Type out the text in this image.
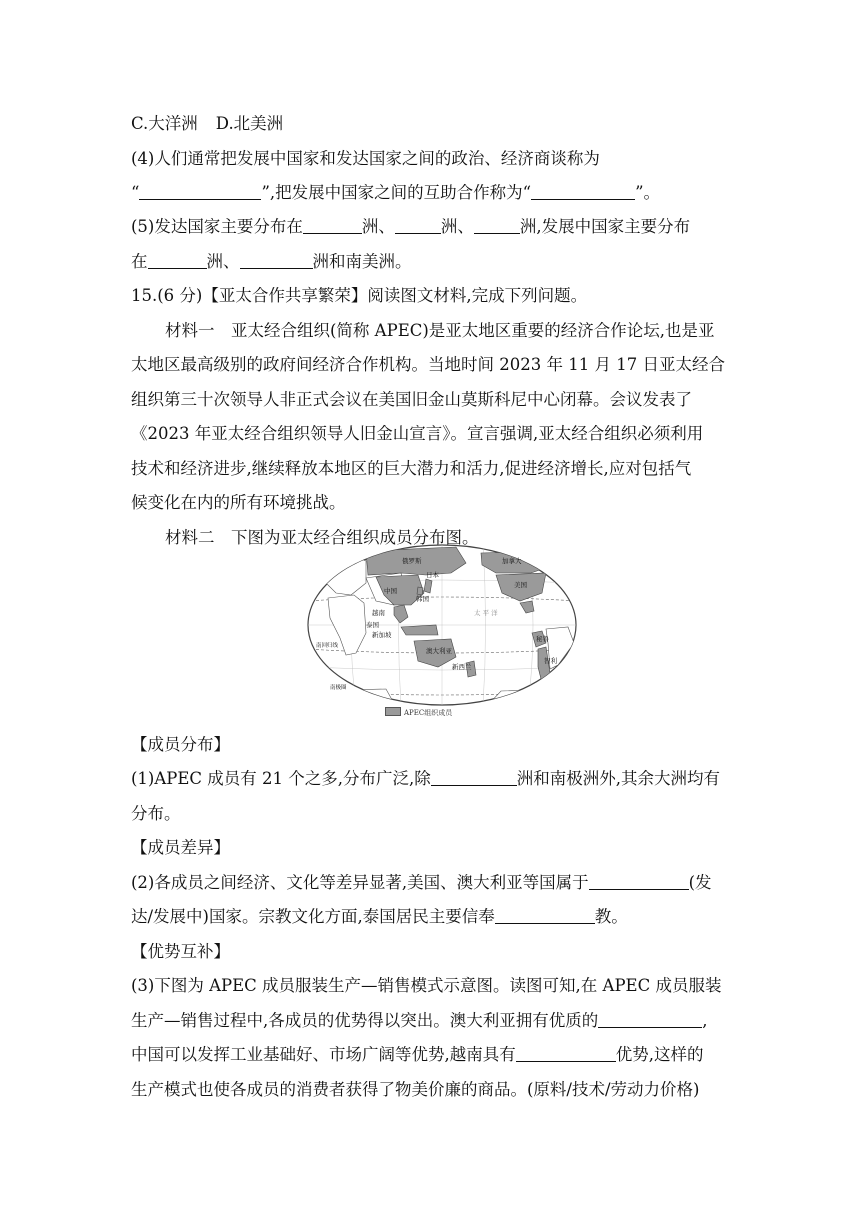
C.大洋洲 D.北美洲
(4)人们通常把发展中国家和发达国家之间的政治、经济商谈称为
“	”,把发展中国家之间的互助合作称为“	”。
(5)发达国家主要分布在	洲、	洲、	洲,发展中国家主要分布
在	洲、	洲和南美洲。
15.(6 分)【亚太合作共享繁荣】阅读图文材料,完成下列问题。
材料一　亚太经合组织(简称 APEC)是亚太地区重要的经济合作论坛,也是亚
太地区最高级别的政府间经济合作机构。当地时间 2023 年 11 月 17 日亚太经合
组织第三十次领导人非正式会议在美国旧金山莫斯科尼中心闭幕。会议发表了
《2023 年亚太经合组织领导人旧金山宣言》。宣言强调,亚太经合组织必须利用
技术和经济进步,继续释放本地区的巨大潜力和活力,促进经济增长,应对包括气
候变化在内的所有环境挑战。
材料二　下图为亚太经合组织成员分布图。
俄罗斯	加拿大
中国
日本
韩国
美国
越南
泰国
新加坡
澳大利亚
新西兰
秘鲁
智利
太 平 洋
南回归线
南极圈
APEC组织成员
【成员分布】
(1)APEC 成员有 21 个之多,分布广泛,除	洲和南极洲外,其余大洲均有
分布。
【成员差异】
(2)各成员之间经济、文化等差异显著,美国、澳大利亚等国属于	(发
达/发展中)国家。宗教文化方面,泰国居民主要信奉	教。
【优势互补】
(3)下图为 APEC 成员服装生产—销售模式示意图。读图可知,在 APEC 成员服装
生产—销售过程中,各成员的优势得以突出。澳大利亚拥有优质的	,
中国可以发挥工业基础好、市场广阔等优势,越南具有	优势,这样的
生产模式也使各成员的消费者获得了物美价廉的商品。(原料/技术/劳动力价格)
